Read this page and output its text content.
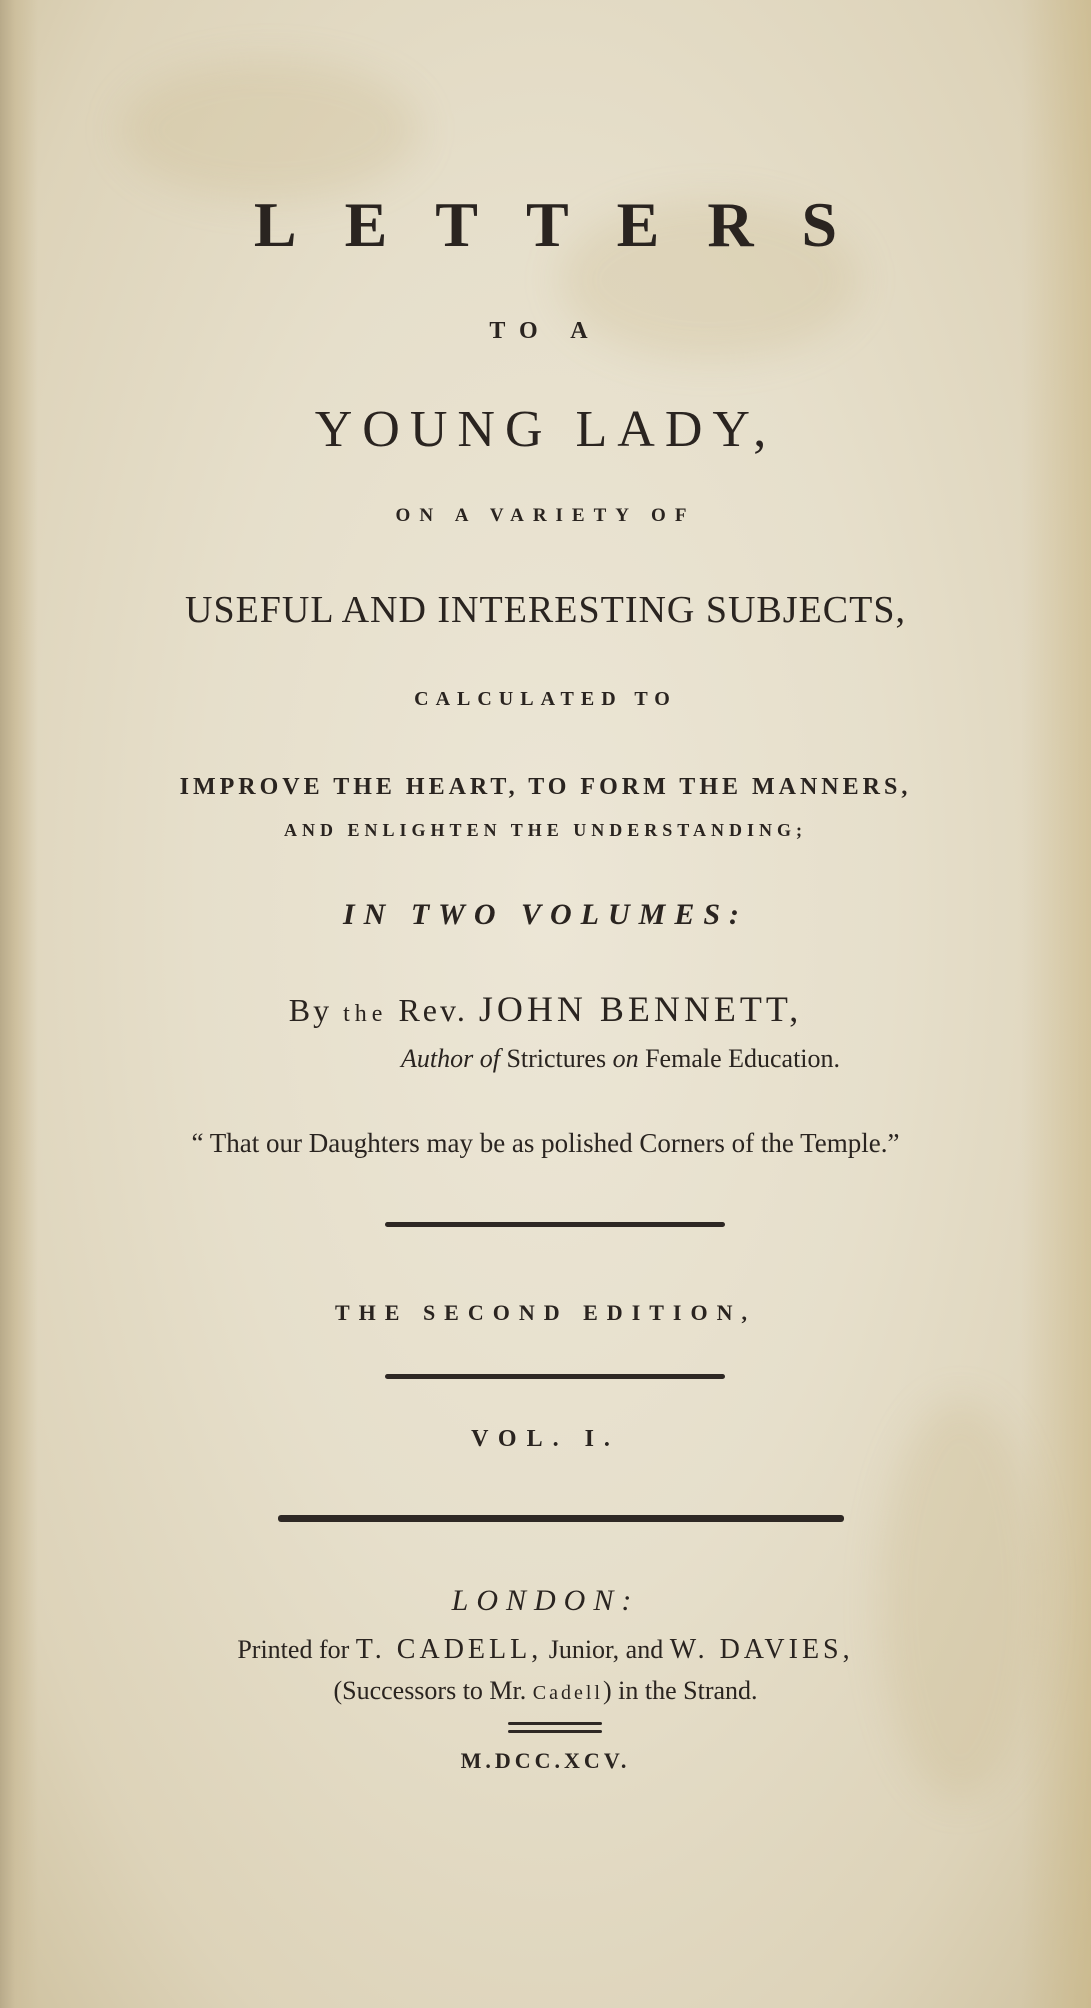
LETTERS
TO A
YOUNG LADY,
ON A VARIETY OF
USEFUL AND INTERESTING SUBJECTS,
CALCULATED TO
IMPROVE THE HEART, TO FORM THE MANNERS,
AND ENLIGHTEN THE UNDERSTANDING;
IN TWO VOLUMES:
By the Rev. JOHN BENNETT,
Author of Strictures on Female Education.
“ That our Daughters may be as polished Corners of the Temple.”
THE SECOND EDITION,
VOL. I.
LONDON:
Printed for T. CADELL, Junior, and W. DAVIES,
(Successors to Mr. Cadell) in the Strand.
M.DCC.XCV.
